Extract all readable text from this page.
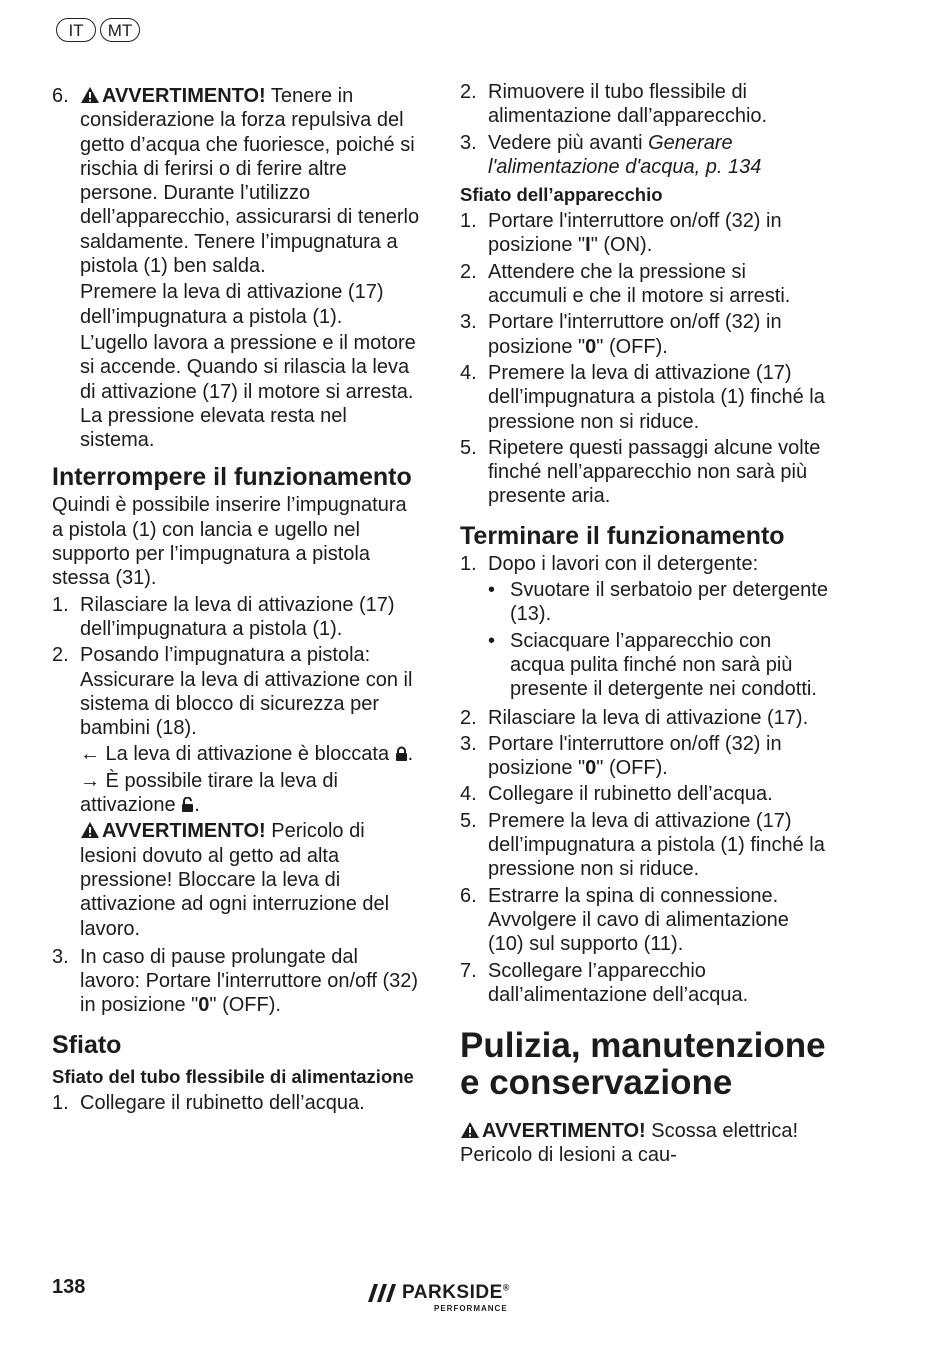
IT	MT
6.	AVVERTIMENTO! Tenere in considerazione la forza repulsiva del getto d’acqua che fuoriesce, poiché si rischia di ferirsi o di ferire altre persone. Durante l’utilizzo dell’apparecchio, assicurarsi di tenerlo saldamente. Tenere l’impugnatura a pistola (1) ben salda.
Premere la leva di attivazione (17) dell’impugnatura a pistola (1).
L’ugello lavora a pressione e il motore si accende. Quando si rilascia la leva di attivazione (17) il motore si arresta. La pressione elevata resta nel sistema.
Interrompere il funzionamento
Quindi è possibile inserire l’impugnatura a pistola (1) con lancia e ugello nel supporto per l’impugnatura a pistola stessa (31).
1. Rilasciare la leva di attivazione (17) dell’impugnatura a pistola (1).
2. Posando l’impugnatura a pistola: Assicurare la leva di attivazione con il sistema di blocco di sicurezza per bambini (18).
← La leva di attivazione è bloccata .
→ È possibile tirare la leva di attivazione .
AVVERTIMENTO! Pericolo di lesioni dovuto al getto ad alta pressione! Bloccare la leva di attivazione ad ogni interruzione del lavoro.
3. In caso di pause prolungate dal lavoro: Portare l'interruttore on/off (32) in posizione "0" (OFF).
Sfiato
Sfiato del tubo flessibile di alimentazione
1. Collegare il rubinetto dell’acqua.
2. Rimuovere il tubo flessibile di alimentazione dall’apparecchio.
3. Vedere più avanti Generare l'alimentazione d'acqua, p. 134
Sfiato dell’apparecchio
1. Portare l'interruttore on/off (32) in posizione "I" (ON).
2. Attendere che la pressione si accumuli e che il motore si arresti.
3. Portare l'interruttore on/off (32) in posizione "0" (OFF).
4. Premere la leva di attivazione (17) dell’impugnatura a pistola (1) finché la pressione non si riduce.
5. Ripetere questi passaggi alcune volte finché nell’apparecchio non sarà più presente aria.
Terminare il funzionamento
1. Dopo i lavori con il detergente:
• Svuotare il serbatoio per detergente (13).
• Sciacquare l’apparecchio con acqua pulita finché non sarà più presente il detergente nei condotti.
2. Rilasciare la leva di attivazione (17).
3. Portare l'interruttore on/off (32) in posizione "0" (OFF).
4. Collegare il rubinetto dell’acqua.
5. Premere la leva di attivazione (17) dell’impugnatura a pistola (1) finché la pressione non si riduce.
6. Estrarre la spina di connessione. Avvolgere il cavo di alimentazione (10) sul supporto (11).
7. Scollegare l’apparecchio dall’alimentazione dell’acqua.
Pulizia, manutenzione e conservazione
AVVERTIMENTO! Scossa elettrica! Pericolo di lesioni a cau-
138	PARKSIDE®
PERFORMANCE
